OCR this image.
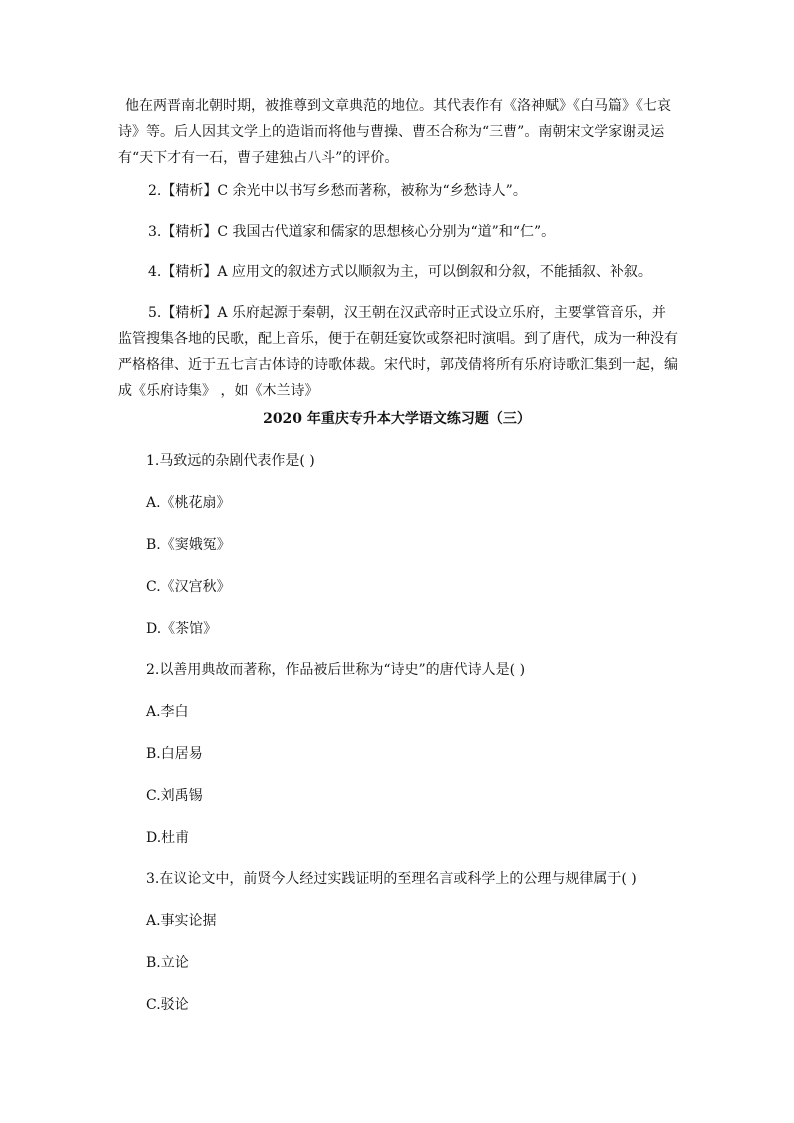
他在两晋南北朝时期，被推尊到文章典范的地位。其代表作有《洛神赋》《白马篇》《七哀诗》等。后人因其文学上的造诣而将他与曹操、曹丕合称为“三曹”。南朝宋文学家谢灵运有“天下才有一石，曹子建独占八斗”的评价。
2.【精析】C 余光中以书写乡愁而著称，被称为“乡愁诗人”。
3.【精析】C 我国古代道家和儒家的思想核心分别为“道”和“仁”。
4.【精析】A 应用文的叙述方式以顺叙为主，可以倒叙和分叙，不能插叙、补叙。
5.【精析】A 乐府起源于秦朝，汉王朝在汉武帝时正式设立乐府，主要掌管音乐，并监管搜集各地的民歌，配上音乐，便于在朝廷宴饮或祭祀时演唱。到了唐代，成为一种没有严格格律、近于五七言古体诗的诗歌体裁。宋代时，郭茂倩将所有乐府诗歌汇集到一起，编成《乐府诗集》 ，如《木兰诗》
2020 年重庆专升本大学语文练习题（三）
1.马致远的杂剧代表作是( )
A.《桃花扇》
B.《窦娥冤》
C.《汉宫秋》
D.《茶馆》
2.以善用典故而著称，作品被后世称为“诗史”的唐代诗人是( )
A.李白
B.白居易
C.刘禹锡
D.杜甫
3.在议论文中，前贤今人经过实践证明的至理名言或科学上的公理与规律属于( )
A.事实论据
B.立论
C.驳论
